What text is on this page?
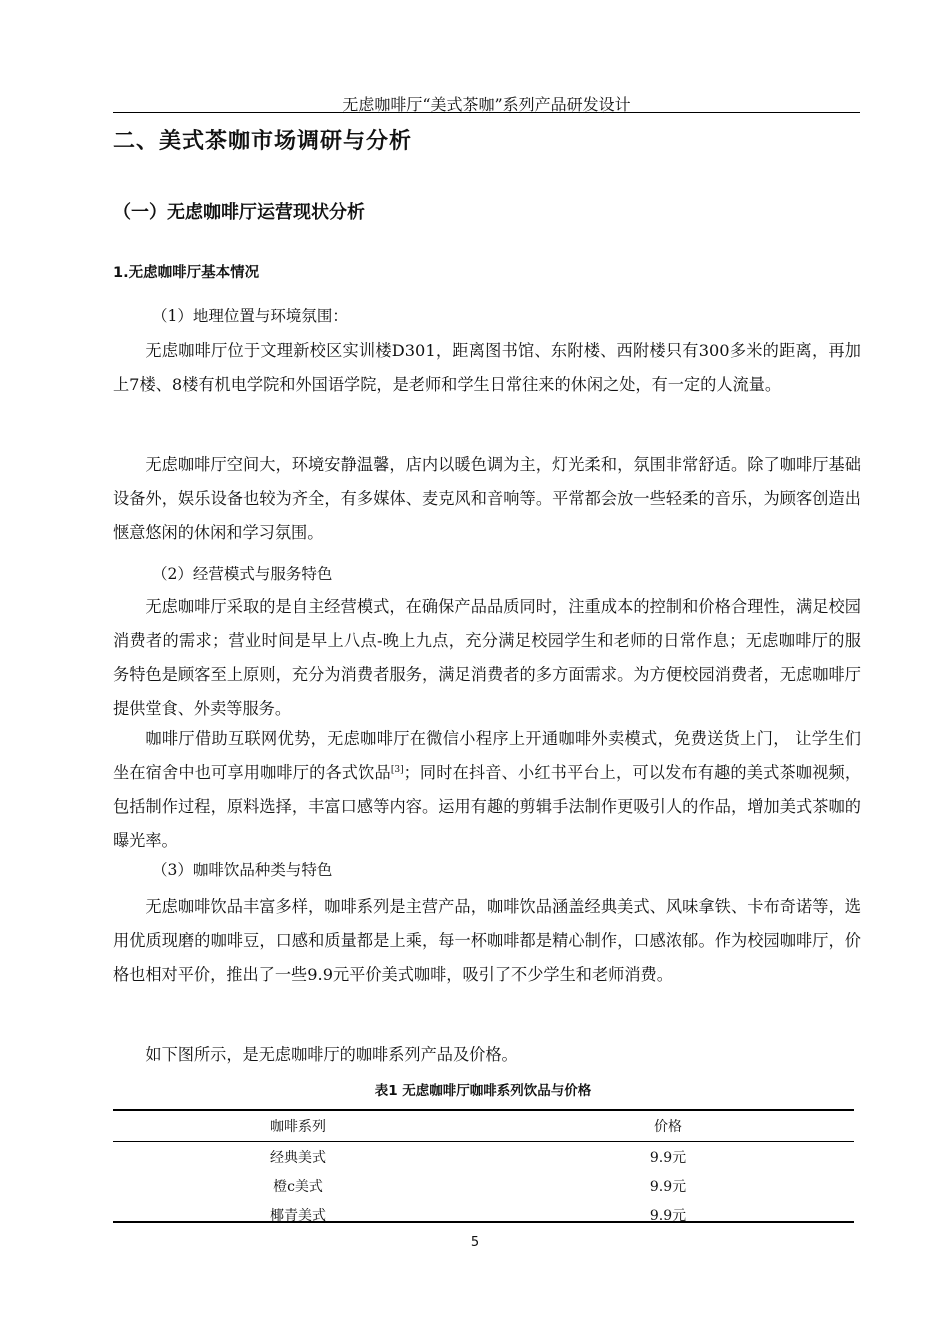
无虑咖啡厅“美式茶咖”系列产品研发设计
二、美式茶咖市场调研与分析
（一）无虑咖啡厅运营现状分析
1.无虑咖啡厅基本情况
（1）地理位置与环境氛围：

无虑咖啡厅位于文理新校区实训楼D301，距离图书馆、东附楼、西附楼只有300多米的距离，再加上7楼、8楼有机电学院和外国语学院，是老师和学生日常往来的休闲之处，有一定的人流量。

无虑咖啡厅空间大，环境安静温馨，店内以暖色调为主，灯光柔和，氛围非常舒适。除了咖啡厅基础设备外，娱乐设备也较为齐全，有多媒体、麦克风和音响等。平常都会放一些轻柔的音乐，为顾客创造出惬意悠闲的休闲和学习氛围。

（2）经营模式与服务特色

无虑咖啡厅采取的是自主经营模式，在确保产品品质同时，注重成本的控制和价格合理性，满足校园消费者的需求；营业时间是早上八点-晚上九点，充分满足校园学生和老师的日常作息；无虑咖啡厅的服务特色是顾客至上原则，充分为消费者服务，满足消费者的多方面需求。为方便校园消费者，无虑咖啡厅提供堂食、外卖等服务。

咖啡厅借助互联网优势，无虑咖啡厅在微信小程序上开通咖啡外卖模式，免费送货上门， 让学生们坐在宿舍中也可享用咖啡厅的各式饮品[3]；同时在抖音、小红书平台上，可以发布有趣的美式茶咖视频，包括制作过程，原料选择，丰富口感等内容。运用有趣的剪辑手法制作更吸引人的作品，增加美式茶咖的曝光率。

（3）咖啡饮品种类与特色

无虑咖啡饮品丰富多样，咖啡系列是主营产品，咖啡饮品涵盖经典美式、风味拿铁、卡布奇诺等，选用优质现磨的咖啡豆，口感和质量都是上乘，每一杯咖啡都是精心制作，口感浓郁。作为校园咖啡厅，价格也相对平价，推出了一些9.9元平价美式咖啡，吸引了不少学生和老师消费。

如下图所示，是无虑咖啡厅的咖啡系列产品及价格。

表1 无虑咖啡厅咖啡系列饮品与价格
咖啡系列	价格
经典美式	9.9元
橙c美式	9.9元
椰青美式	9.9元
5
